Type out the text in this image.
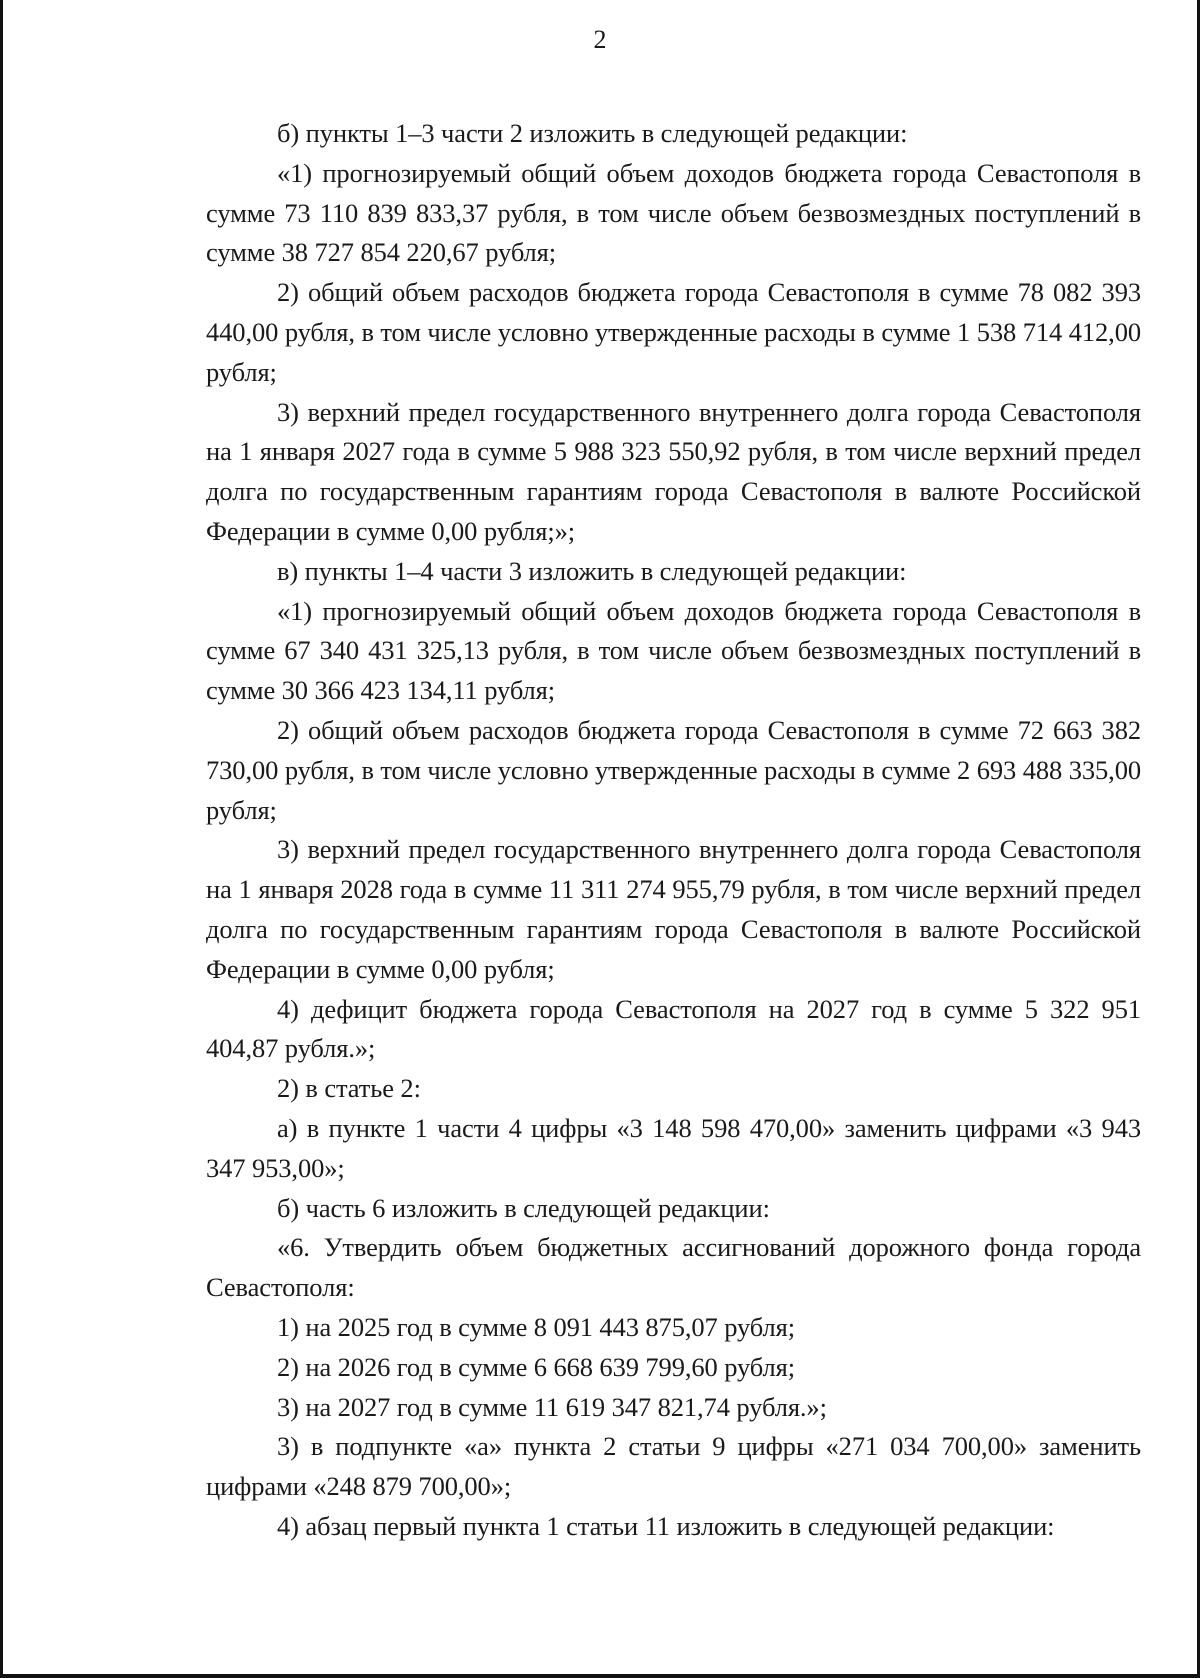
2

б) пункты 1–3 части 2 изложить в следующей редакции:

«1) прогнозируемый общий объем доходов бюджета города Севастополя в сумме 73 110 839 833,37 рубля, в том числе объем безвозмездных поступлений в сумме 38 727 854 220,67 рубля;

2) общий объем расходов бюджета города Севастополя в сумме 78 082 393 440,00 рубля, в том числе условно утвержденные расходы в сумме 1 538 714 412,00 рубля;

3) верхний предел государственного внутреннего долга города Севастополя на 1 января 2027 года в сумме 5 988 323 550,92 рубля, в том числе верхний предел долга по государственным гарантиям города Севастополя в валюте Российской Федерации в сумме 0,00 рубля;»;

в) пункты 1–4 части 3 изложить в следующей редакции:

«1) прогнозируемый общий объем доходов бюджета города Севастополя в сумме 67 340 431 325,13 рубля, в том числе объем безвозмездных поступлений в сумме 30 366 423 134,11 рубля;

2) общий объем расходов бюджета города Севастополя в сумме 72 663 382 730,00 рубля, в том числе условно утвержденные расходы в сумме 2 693 488 335,00 рубля;

3) верхний предел государственного внутреннего долга города Севастополя на 1 января 2028 года в сумме 11 311 274 955,79 рубля, в том числе верхний предел долга по государственным гарантиям города Севастополя в валюте Российской Федерации в сумме 0,00 рубля;

4) дефицит бюджета города Севастополя на 2027 год в сумме 5 322 951 404,87 рубля.»;

2) в статье 2:

а) в пункте 1 части 4 цифры «3 148 598 470,00» заменить цифрами «3 943 347 953,00»;

б) часть 6 изложить в следующей редакции:

«6. Утвердить объем бюджетных ассигнований дорожного фонда города Севастополя:

1) на 2025 год в сумме 8 091 443 875,07 рубля;

2) на 2026 год в сумме 6 668 639 799,60 рубля;

3) на 2027 год в сумме 11 619 347 821,74 рубля.»;

3) в подпункте «а» пункта 2 статьи 9 цифры «271 034 700,00» заменить цифрами «248 879 700,00»;

4) абзац первый пункта 1 статьи 11 изложить в следующей редакции:
